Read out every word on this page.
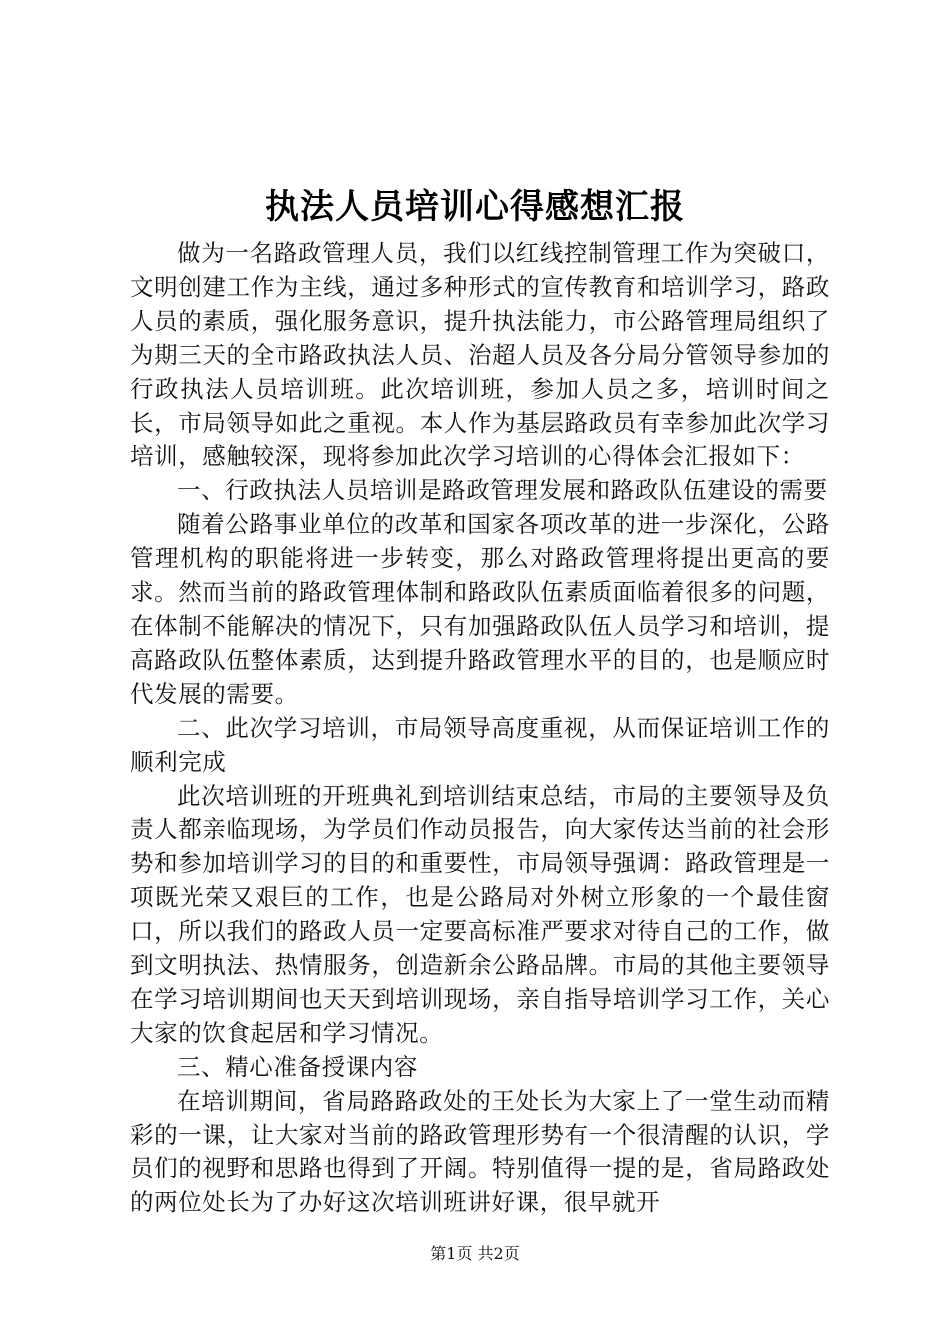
执法人员培训心得感想汇报

做为一名路政管理人员，我们以红线控制管理工作为突破口，文明创建工作为主线，通过多种形式的宣传教育和培训学习，路政人员的素质，强化服务意识，提升执法能力，市公路管理局组织了为期三天的全市路政执法人员、治超人员及各分局分管领导参加的行政执法人员培训班。此次培训班，参加人员之多，培训时间之长，市局领导如此之重视。本人作为基层路政员有幸参加此次学习培训，感触较深，现将参加此次学习培训的心得体会汇报如下：

一、行政执法人员培训是路政管理发展和路政队伍建设的需要

随着公路事业单位的改革和国家各项改革的进一步深化，公路管理机构的职能将进一步转变，那么对路政管理将提出更高的要求。然而当前的路政管理体制和路政队伍素质面临着很多的问题，在体制不能解决的情况下，只有加强路政队伍人员学习和培训，提高路政队伍整体素质，达到提升路政管理水平的目的，也是顺应时代发展的需要。

二、此次学习培训，市局领导高度重视，从而保证培训工作的顺利完成

此次培训班的开班典礼到培训结束总结，市局的主要领导及负责人都亲临现场，为学员们作动员报告，向大家传达当前的社会形势和参加培训学习的目的和重要性，市局领导强调：路政管理是一项既光荣又艰巨的工作，也是公路局对外树立形象的一个最佳窗口，所以我们的路政人员一定要高标准严要求对待自己的工作，做到文明执法、热情服务，创造新余公路品牌。市局的其他主要领导在学习培训期间也天天到培训现场，亲自指导培训学习工作，关心大家的饮食起居和学习情况。

三、精心准备授课内容

在培训期间，省局路路政处的王处长为大家上了一堂生动而精彩的一课，让大家对当前的路政管理形势有一个很清醒的认识，学员们的视野和思路也得到了开阔。特别值得一提的是，省局路政处的两位处长为了办好这次培训班讲好课，很早就开

第1页 共2页
